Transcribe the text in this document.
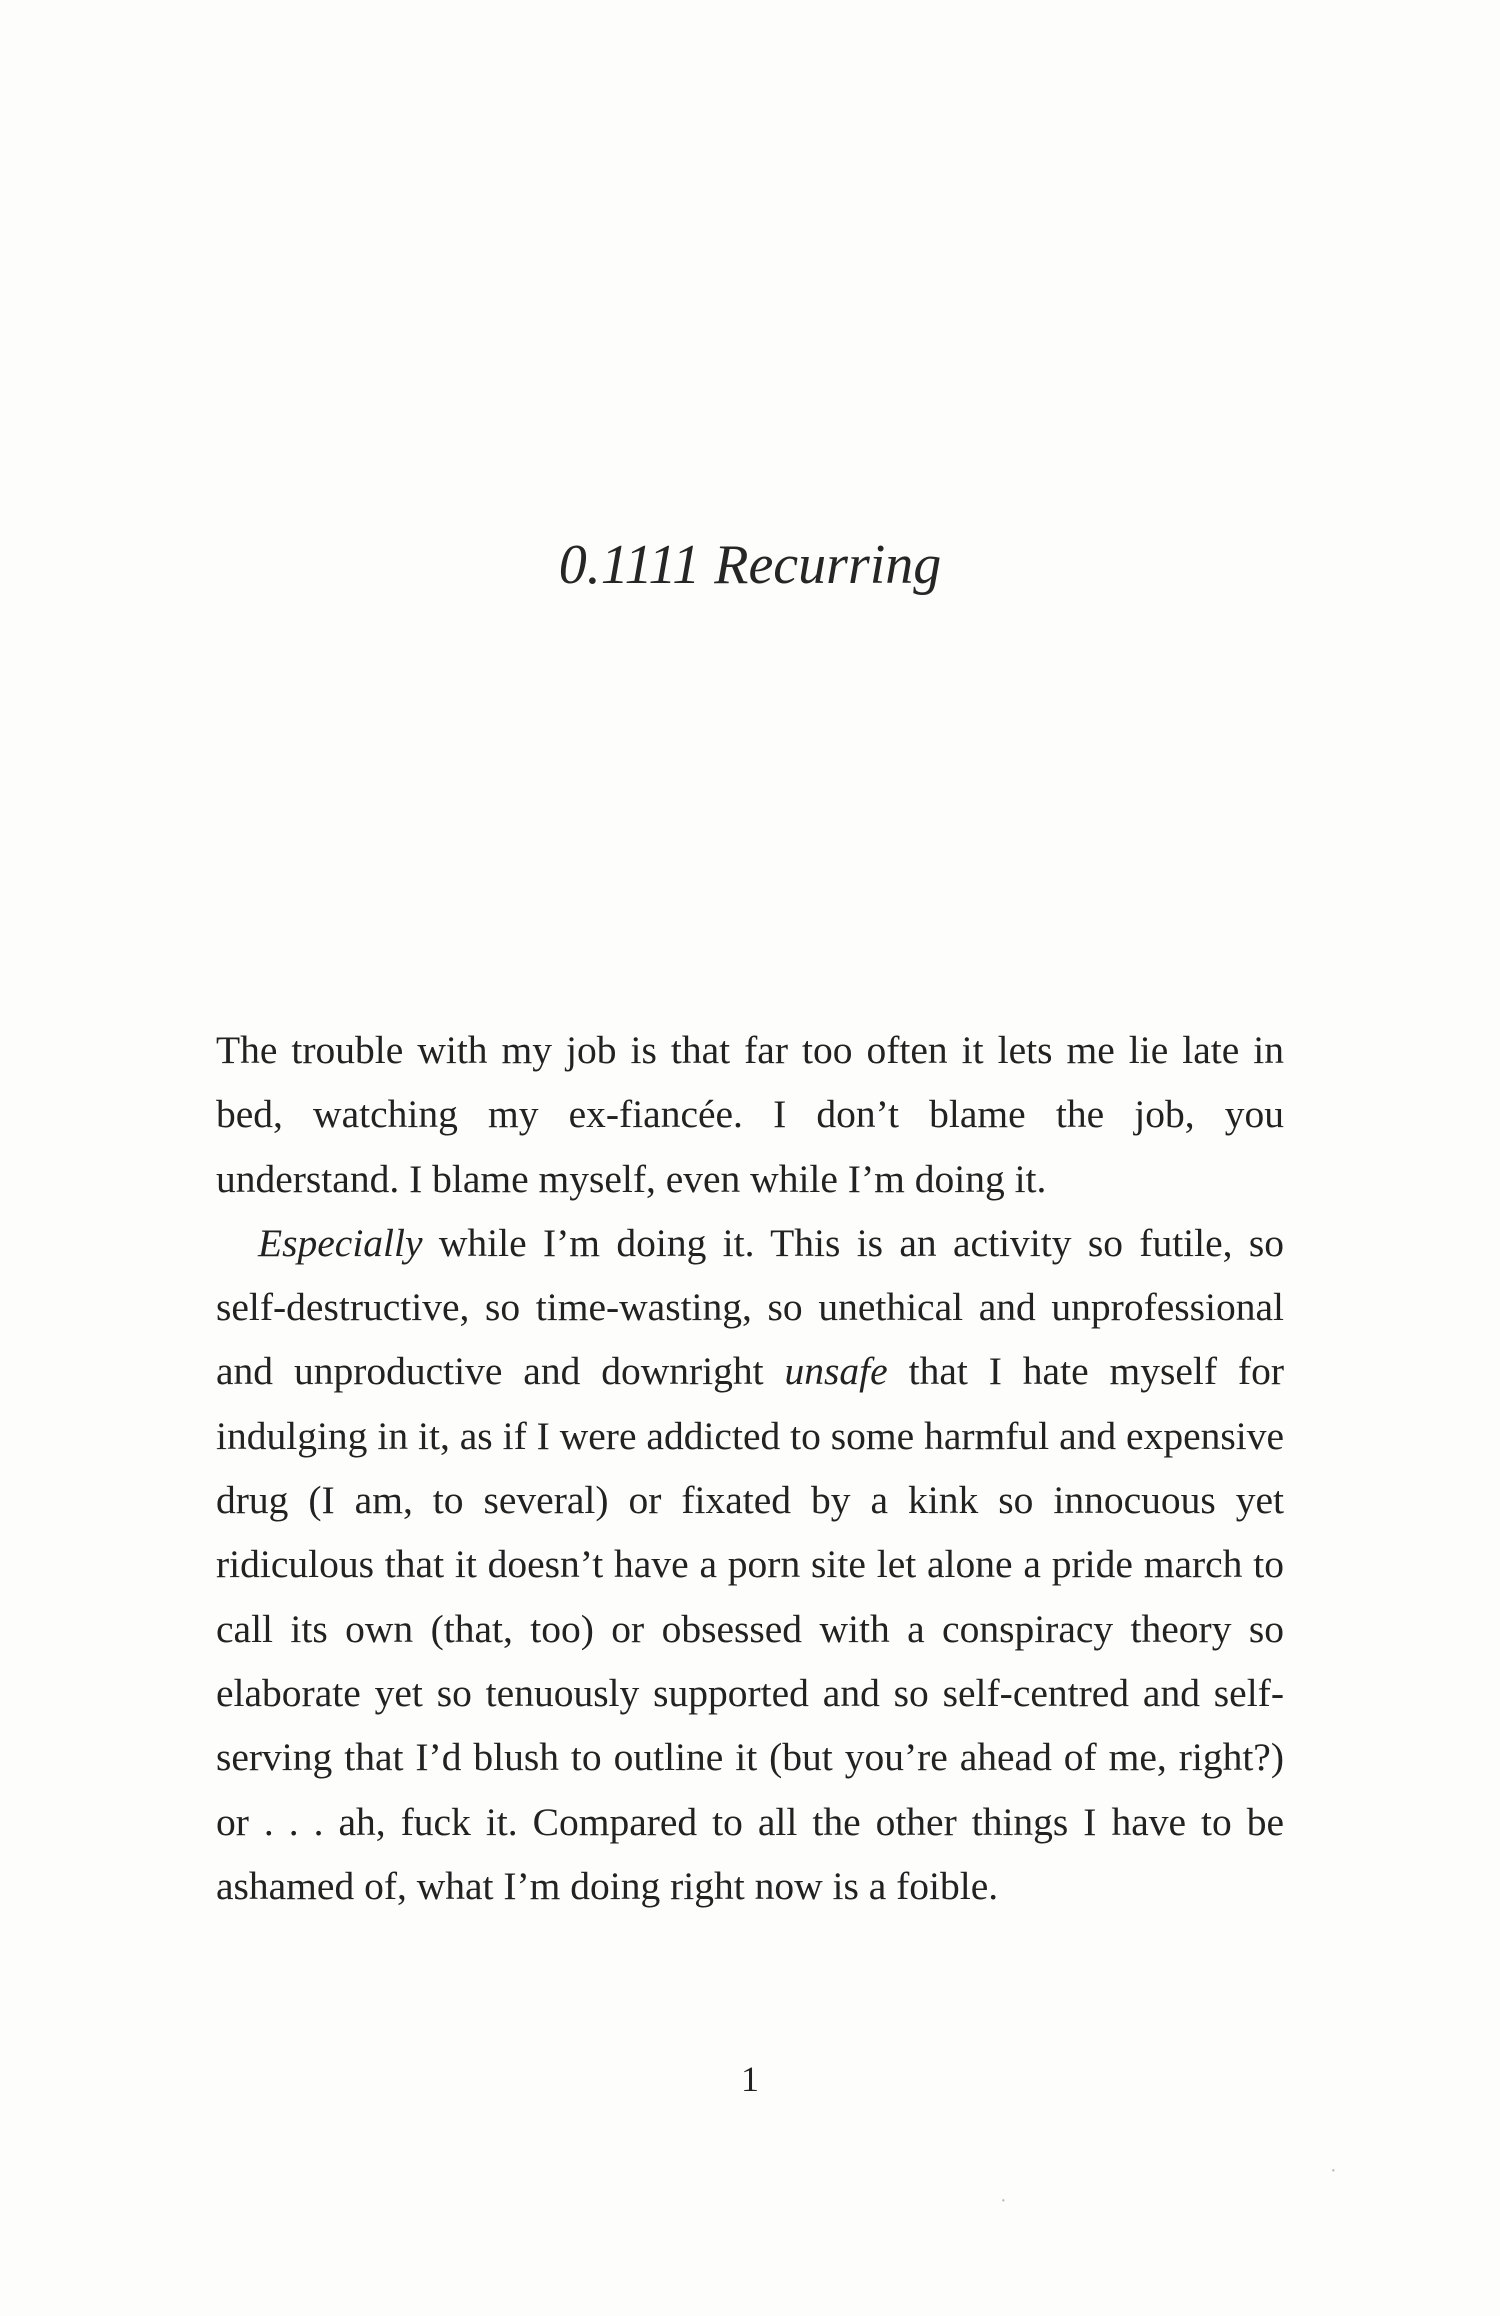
0.1111 Recurring

The trouble with my job is that far too often it lets me lie late in bed, watching my ex-fiancée. I don’t blame the job, you understand. I blame myself, even while I’m doing it.

Especially while I’m doing it. This is an activity so futile, so self-destructive, so time-wasting, so unethical and unprofessional and unproductive and downright unsafe that I hate myself for indulging in it, as if I were addicted to some harmful and expensive drug (I am, to several) or fixated by a kink so innocuous yet ridiculous that it doesn’t have a porn site let alone a pride march to call its own (that, too) or obsessed with a conspiracy theory so elaborate yet so tenuously supported and so self-centred and self-serving that I’d blush to outline it (but you’re ahead of me, right?) or . . . ah, fuck it. Compared to all the other things I have to be ashamed of, what I’m doing right now is a foible.

1
·
·
